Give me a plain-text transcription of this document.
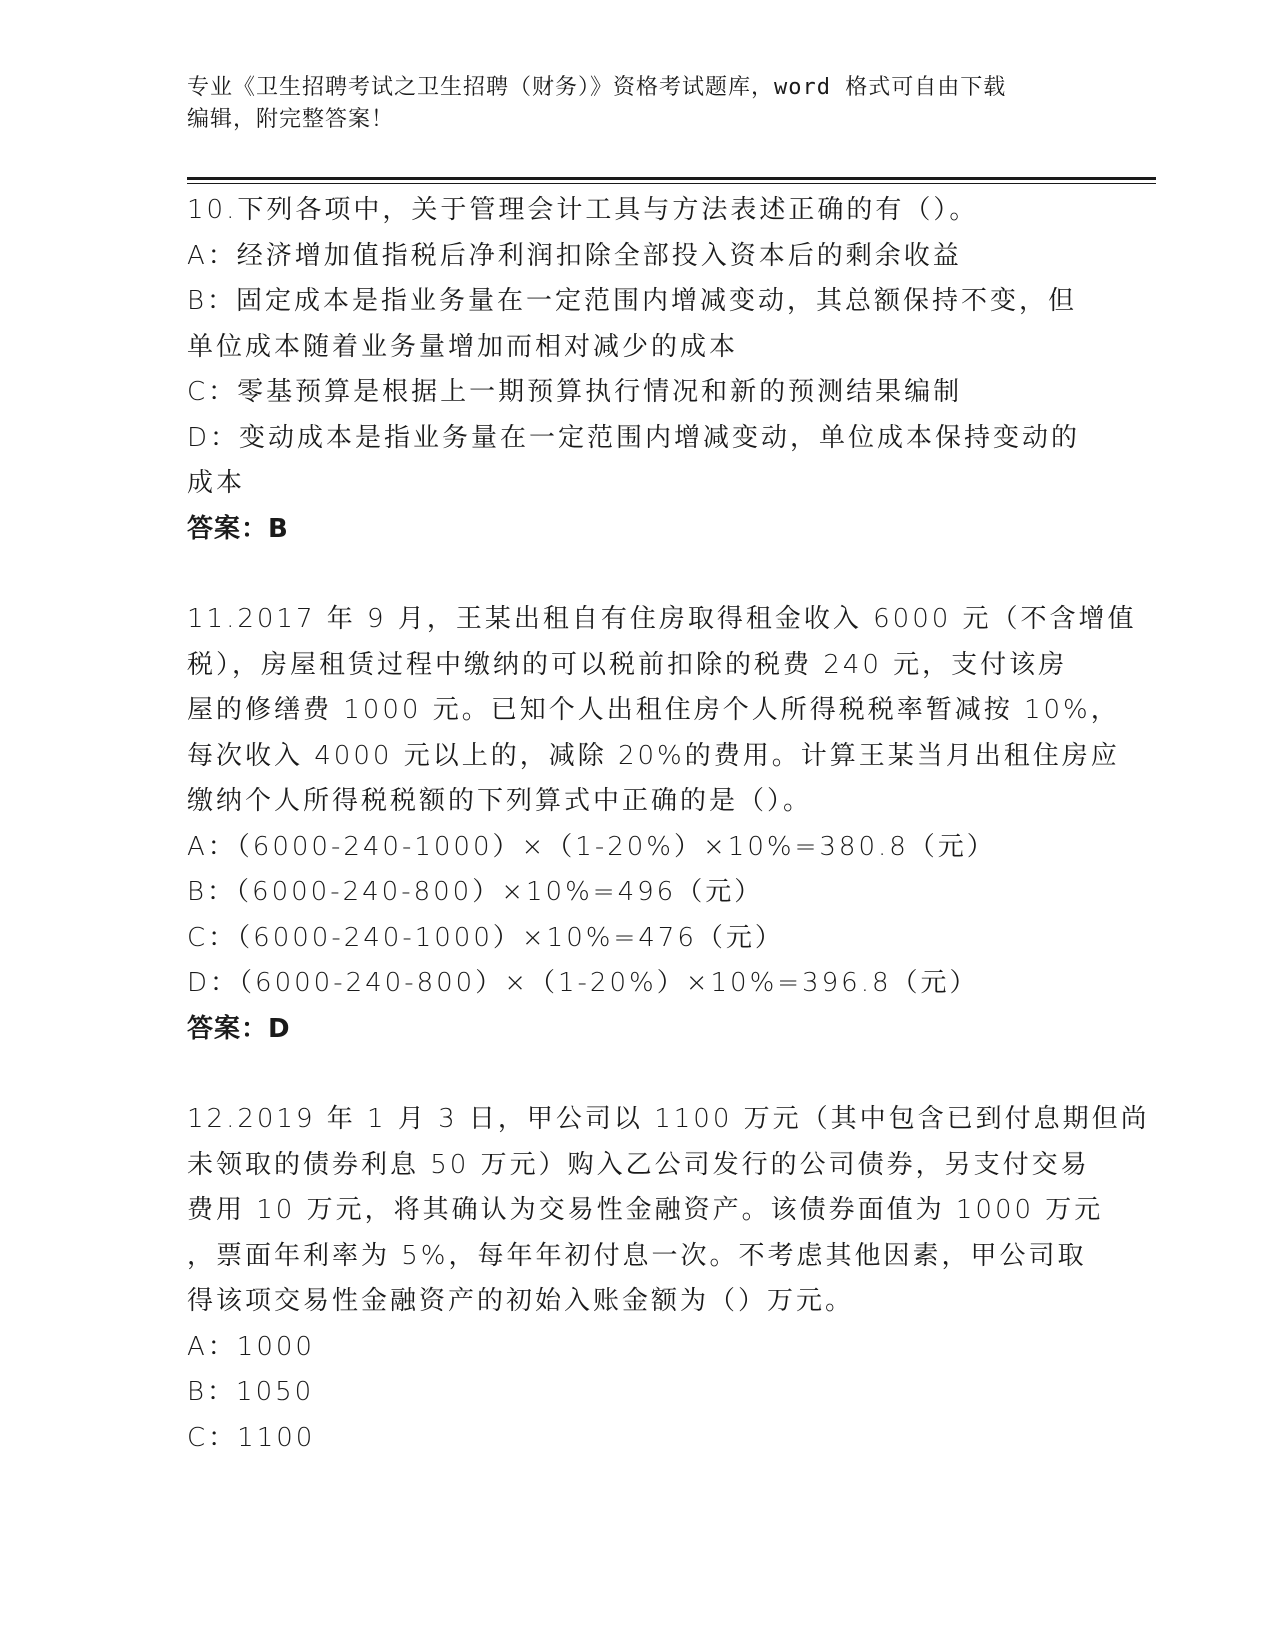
专业《卫生招聘考试之卫生招聘（财务）》资格考试题库，word 格式可自由下载
编辑，附完整答案！
10.下列各项中，关于管理会计工具与方法表述正确的有（）。
A：经济增加值指税后净利润扣除全部投入资本后的剩余收益
B：固定成本是指业务量在一定范围内增减变动，其总额保持不变，但
单位成本随着业务量增加而相对减少的成本
C：零基预算是根据上一期预算执行情况和新的预测结果编制
D：变动成本是指业务量在一定范围内增减变动，单位成本保持变动的
成本
答案：B
11.2017 年 9 月，王某出租自有住房取得租金收入 6000 元（不含增值
税），房屋租赁过程中缴纳的可以税前扣除的税费 240 元，支付该房
屋的修缮费 1000 元。已知个人出租住房个人所得税税率暂减按 10%，
每次收入 4000 元以上的，减除 20%的费用。计算王某当月出租住房应
缴纳个人所得税税额的下列算式中正确的是（）。
A：（6000-240-1000）×（1-20%）×10%=380.8（元）
B：（6000-240-800）×10%=496（元）
C：（6000-240-1000）×10%=476（元）
D：（6000-240-800）×（1-20%）×10%=396.8（元）
答案：D
12.2019 年 1 月 3 日，甲公司以 1100 万元（其中包含已到付息期但尚
未领取的债券利息 50 万元）购入乙公司发行的公司债券，另支付交易
费用 10 万元，将其确认为交易性金融资产。该债券面值为 1000 万元
，票面年利率为 5%，每年年初付息一次。不考虑其他因素，甲公司取
得该项交易性金融资产的初始入账金额为（）万元。
A：1000
B：1050
C：1100
